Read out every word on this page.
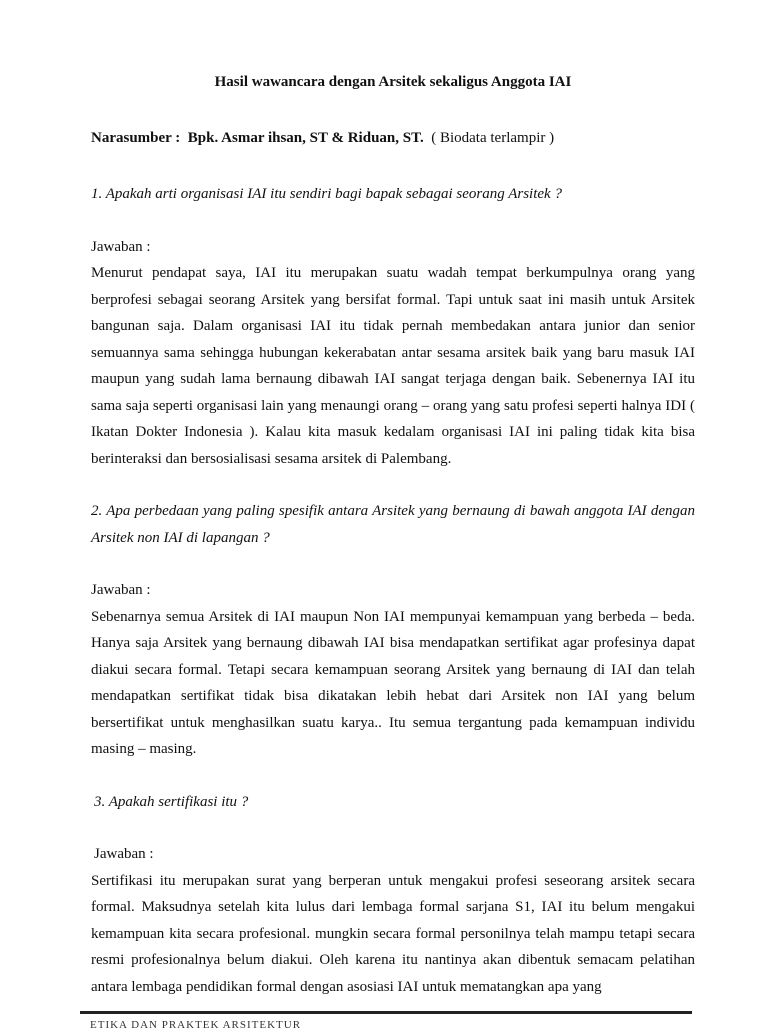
Hasil wawancara dengan Arsitek sekaligus Anggota IAI
Narasumber : Bpk. Asmar ihsan, ST & Riduan, ST. ( Biodata terlampir )
1. Apakah arti organisasi IAI itu sendiri bagi bapak sebagai seorang Arsitek ?
Jawaban :
Menurut pendapat saya, IAI itu merupakan suatu wadah tempat berkumpulnya orang yang berprofesi sebagai seorang Arsitek yang bersifat formal. Tapi untuk saat ini masih untuk Arsitek bangunan saja. Dalam organisasi IAI itu tidak pernah membedakan antara junior dan senior semuannya sama sehingga hubungan kekerabatan antar sesama arsitek baik yang baru masuk IAI maupun yang sudah lama bernaung dibawah IAI sangat terjaga dengan baik. Sebenernya IAI itu sama saja seperti organisasi lain yang menaungi orang – orang yang satu profesi seperti halnya IDI ( Ikatan Dokter Indonesia ). Kalau kita masuk kedalam organisasi IAI ini paling tidak kita bisa berinteraksi dan bersosialisasi sesama arsitek di Palembang.
2. Apa perbedaan yang paling spesifik antara Arsitek yang bernaung di bawah anggota IAI dengan Arsitek non IAI di lapangan ?
Jawaban :
Sebenarnya semua Arsitek di IAI maupun Non IAI mempunyai kemampuan yang berbeda – beda. Hanya saja Arsitek yang bernaung dibawah IAI bisa mendapatkan sertifikat agar profesinya dapat diakui secara formal. Tetapi secara kemampuan seorang Arsitek yang bernaung di IAI dan telah mendapatkan sertifikat tidak bisa dikatakan lebih hebat dari Arsitek non IAI yang belum bersertifikat untuk menghasilkan suatu karya.. Itu semua tergantung pada kemampuan individu masing – masing.
3. Apakah sertifikasi itu ?
Jawaban :
Sertifikasi itu merupakan surat yang berperan untuk mengakui profesi seseorang arsitek secara formal. Maksudnya setelah kita lulus dari lembaga formal sarjana S1, IAI itu belum mengakui kemampuan kita secara profesional. mungkin secara formal personilnya telah mampu tetapi secara resmi profesionalnya belum diakui. Oleh karena itu nantinya akan dibentuk semacam pelatihan antara lembaga pendidikan formal dengan asosiasi IAI untuk mematangkan apa yang
ETIKA DAN PRAKTEK ARSITEKTUR
